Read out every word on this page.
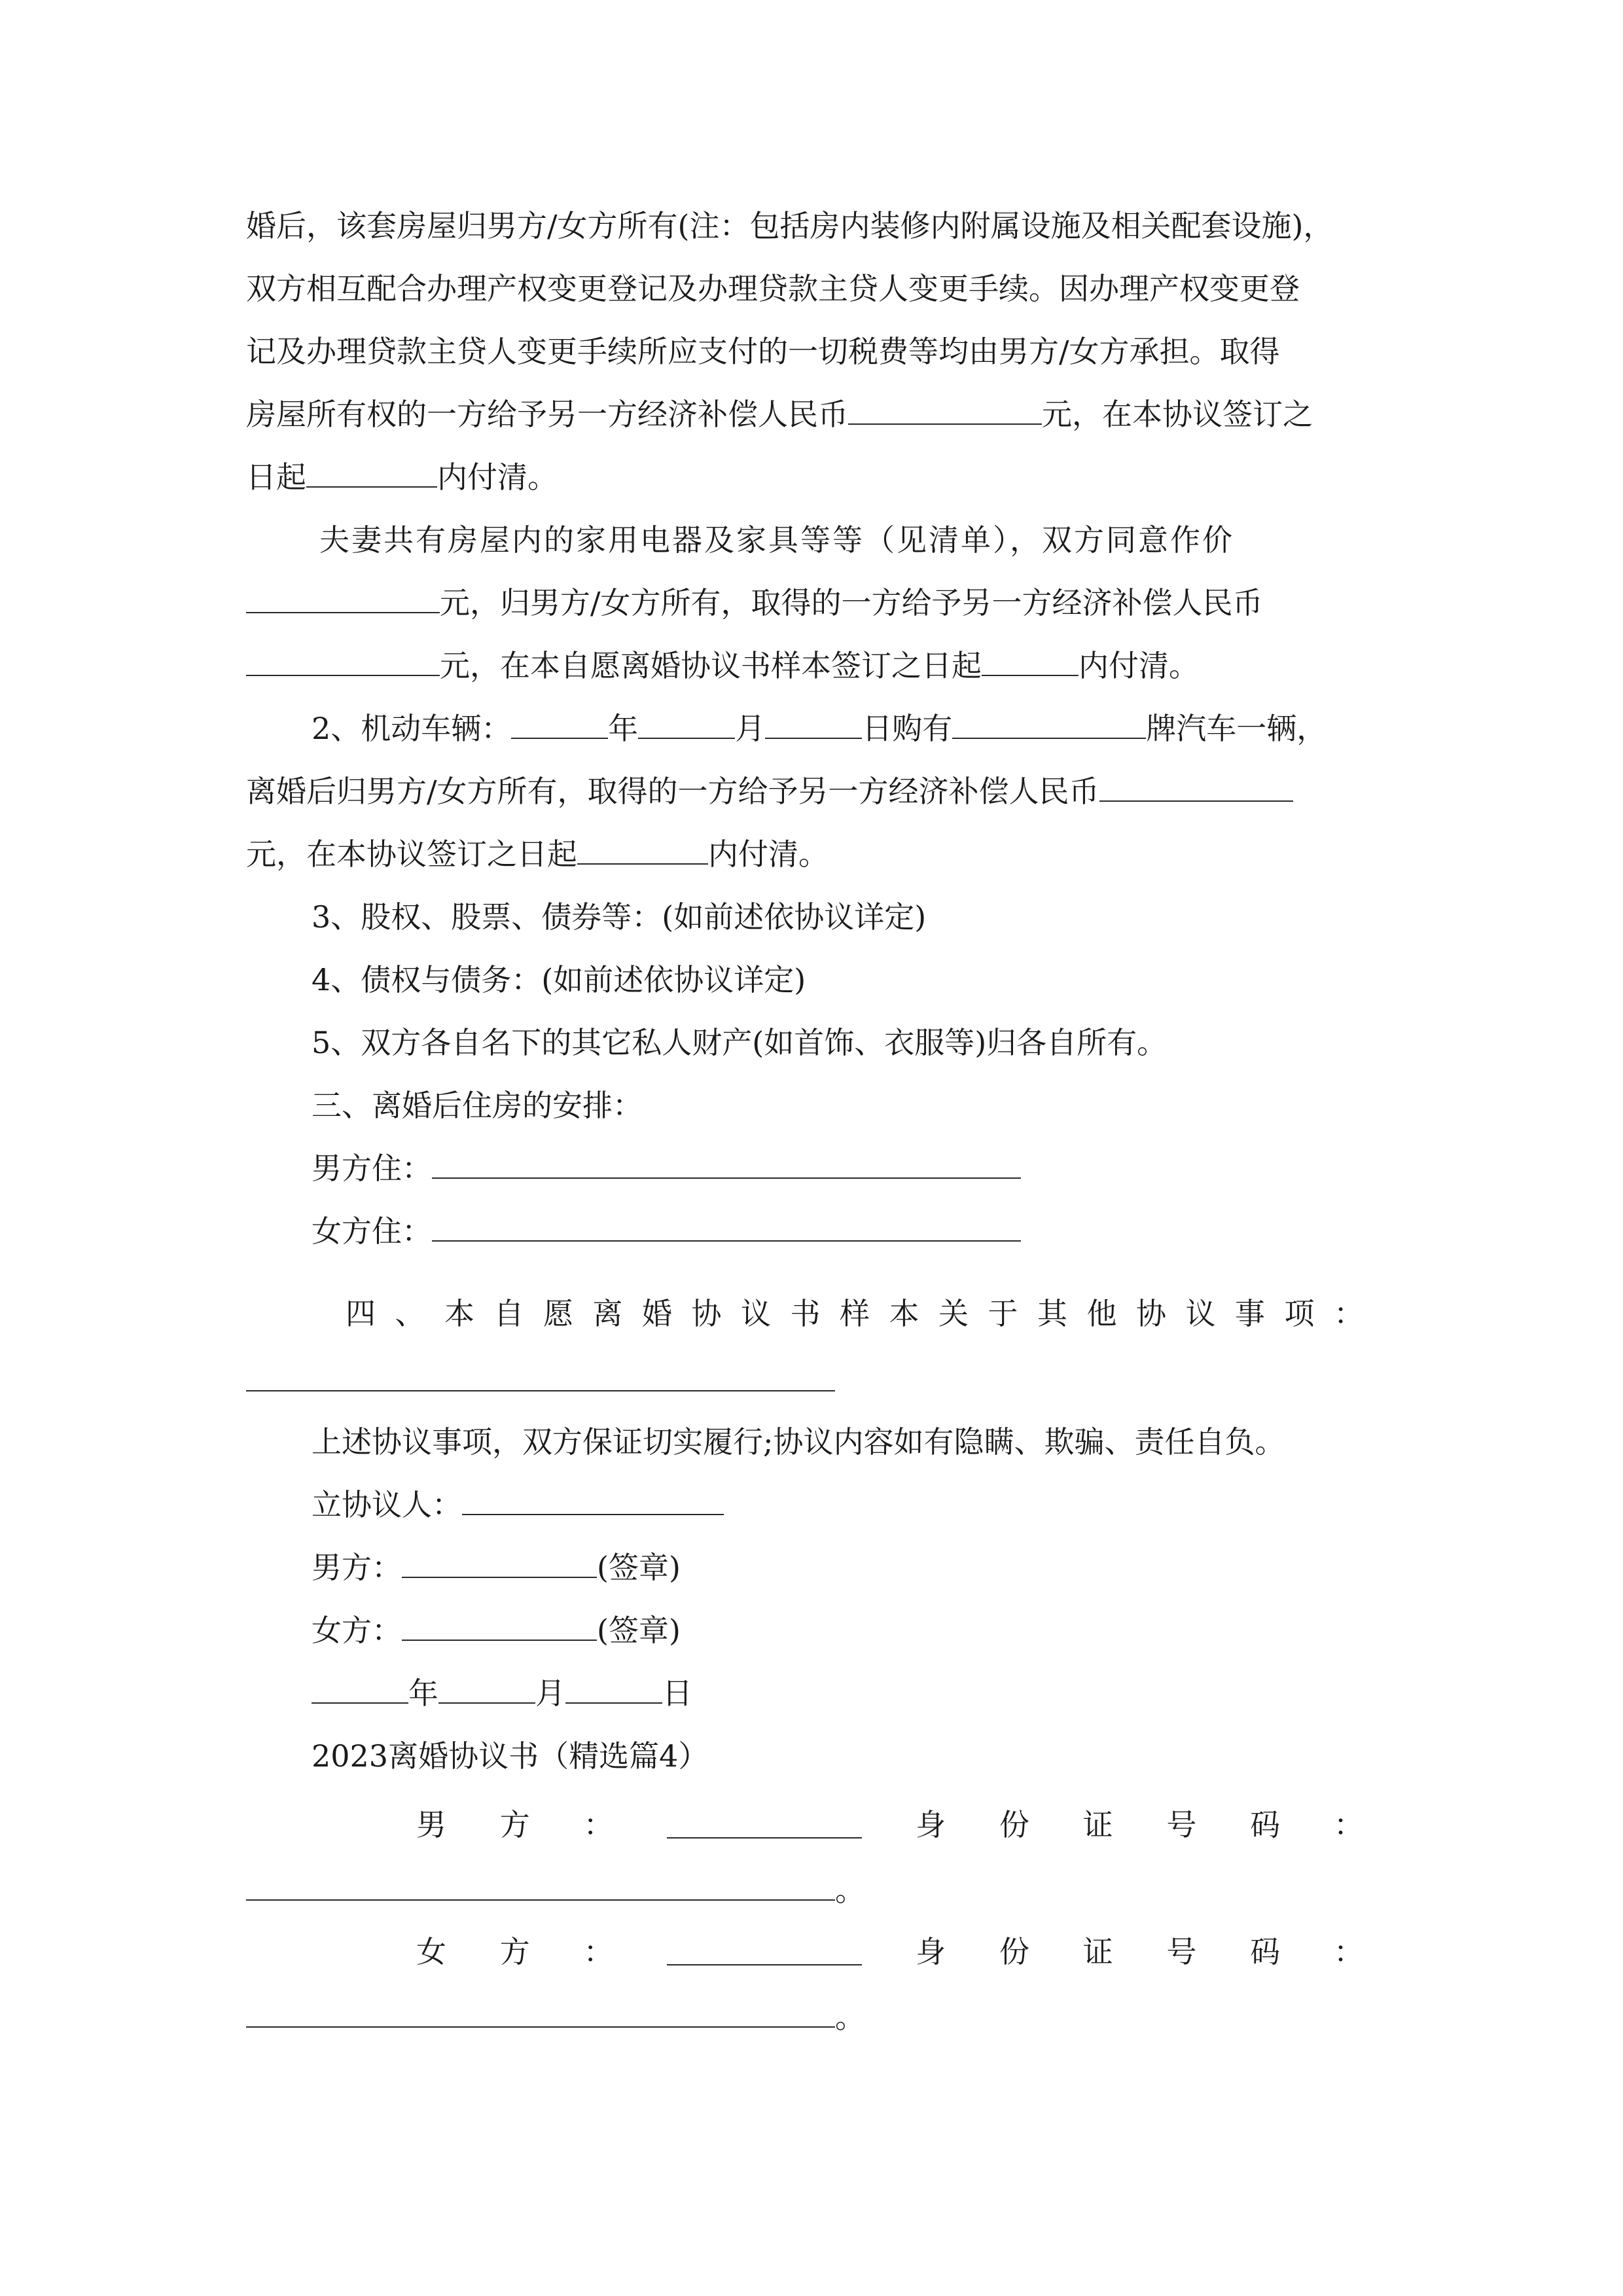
婚后，该套房屋归男方/女方所有(注：包括房内装修内附属设施及相关配套设施)，
双方相互配合办理产权变更登记及办理贷款主贷人变更手续。因办理产权变更登
记及办理贷款主贷人变更手续所应支付的一切税费等均由男方/女方承担。取得
房屋所有权的一方给予另一方经济补偿人民币	元，在本协议签订之
日起	内付清。
夫妻共有房屋内的家用电器及家具等等（见清单），双方同意作价
元，归男方/女方所有，取得的一方给予另一方经济补偿人民币
元，在本自愿离婚协议书样本签订之日起	内付清。
2、机动车辆：	年	月	日购有	牌汽车一辆，
离婚后归男方/女方所有，取得的一方给予另一方经济补偿人民币
元，在本协议签订之日起	内付清。
3、股权、股票、债券等：(如前述依协议详定)
4、债权与债务：(如前述依协议详定)
5、双方各自名下的其它私人财产(如首饰、衣服等)归各自所有。
三、离婚后住房的安排：
男方住：
女方住：
四 、 本 自 愿 离 婚 协 议 书 样 本 关 于 其 他 协 议 事 项 ：
上述协议事项，双方保证切实履行;协议内容如有隐瞒、欺骗、责任自负。
立协议人：
男方：	(签章)
女方：	(签章)
年	月	日
2023离婚协议书（精选篇4）
男 方 ：	身 份 证 号 码 ：
。
女 方 ：	身 份 证 号 码 ：
。
